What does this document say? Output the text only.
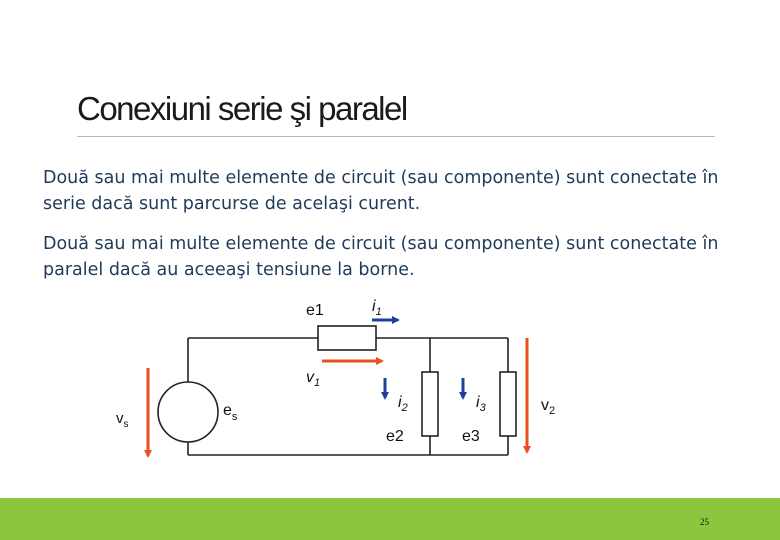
Conexiuni serie şi paralel

Două sau mai multe elemente de circuit (sau componente) sunt conectate în serie dacă sunt parcurse de acelaşi curent.

Două sau mai multe elemente de circuit (sau componente) sunt conectate în paralel dacă au aceeaşi tensiune la borne.

e1	$i_1$
$v_1$
$v_s$
$e_s$
$i_2$	$i_3$	$v_2$
e2	e3
25
